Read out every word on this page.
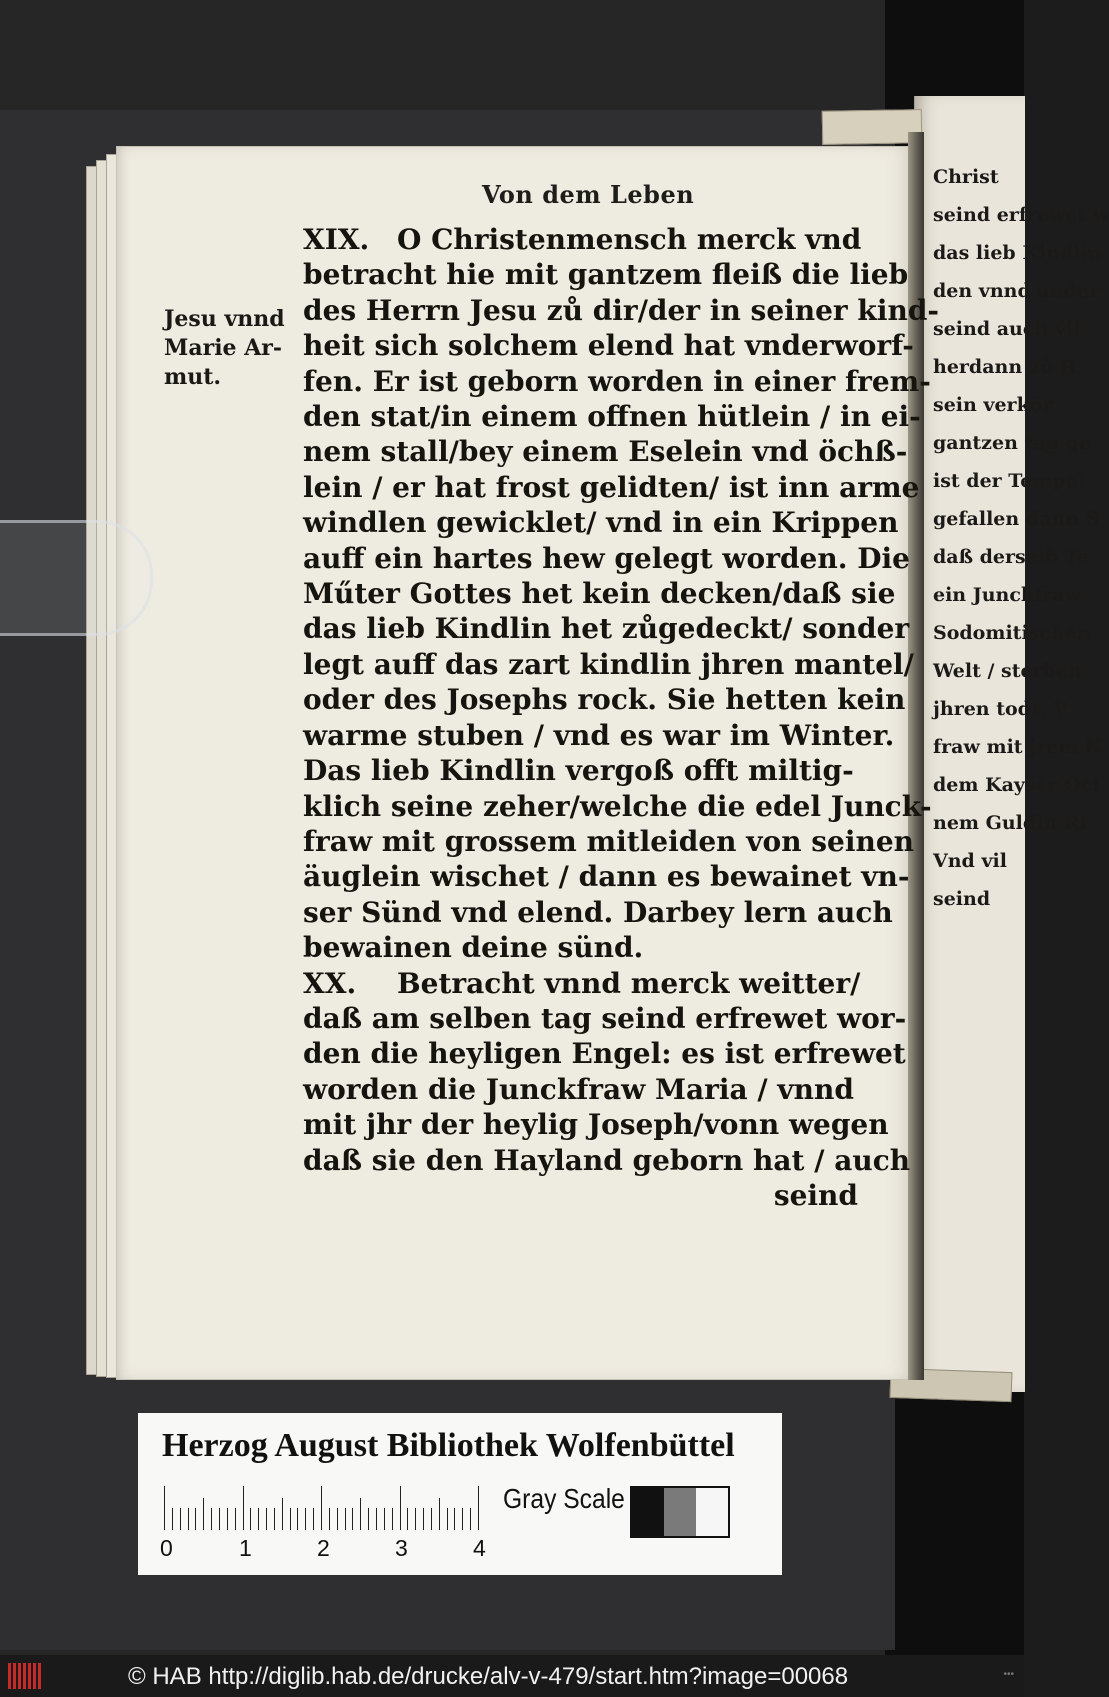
Christ
seind erfrewet w
das lieb Kindlin
den vnnd ander
seind auch vil
herdann zů R
sein verkör
gantzen tag ge
ist der Tempel
gefallen dann S
daß derselb Te
ein Junckfraw
Sodomitischen
Welt / sterben
jhren todt. V
fraw mit jrem K
dem Kayser Oct
nem Guldin Ri
Vnd vil
seind
Von dem Leben
Jesu vnnd
Marie Ar-
mut.
XIX. O Christenmensch merck vnd
betracht hie mit gantzem fleiß die lieb
des Herrn Jesu zů dir/der in seiner kind-
heit sich solchem elend hat vnderworf-
fen. Er ist geborn worden in einer frem-
den stat/in einem offnen hütlein / in ei-
nem stall/bey einem Eselein vnd öchß-
lein / er hat frost gelidten/ ist inn arme
windlen gewicklet/ vnd in ein Krippen
auff ein hartes hew gelegt worden. Die
Műter Gottes het kein decken/daß sie
das lieb Kindlin het zůgedeckt/ sonder
legt auff das zart kindlin jhren mantel/
oder des Josephs rock. Sie hetten kein
warme stuben / vnd es war im Winter.
Das lieb Kindlin vergoß offt miltig-
klich seine zeher/welche die edel Junck-
fraw mit grossem mitleiden von seinen
äuglein wischet / dann es bewainet vn-
ser Sünd vnd elend. Darbey lern auch
bewainen deine sünd.
XX. Betracht vnnd merck weitter/
daß am selben tag seind erfrewet wor-
den die heyligen Engel: es ist erfrewet
worden die Junckfraw Maria / vnnd
mit jhr der heylig Joseph/vonn wegen
daß sie den Hayland geborn hat / auch
seind
Herzog August Bibliothek Wolfenbüttel
0	1	2	3	4
Gray Scale
© HAB http://diglib.hab.de/drucke/alv-v-479/start.htm?image=00068	•••
